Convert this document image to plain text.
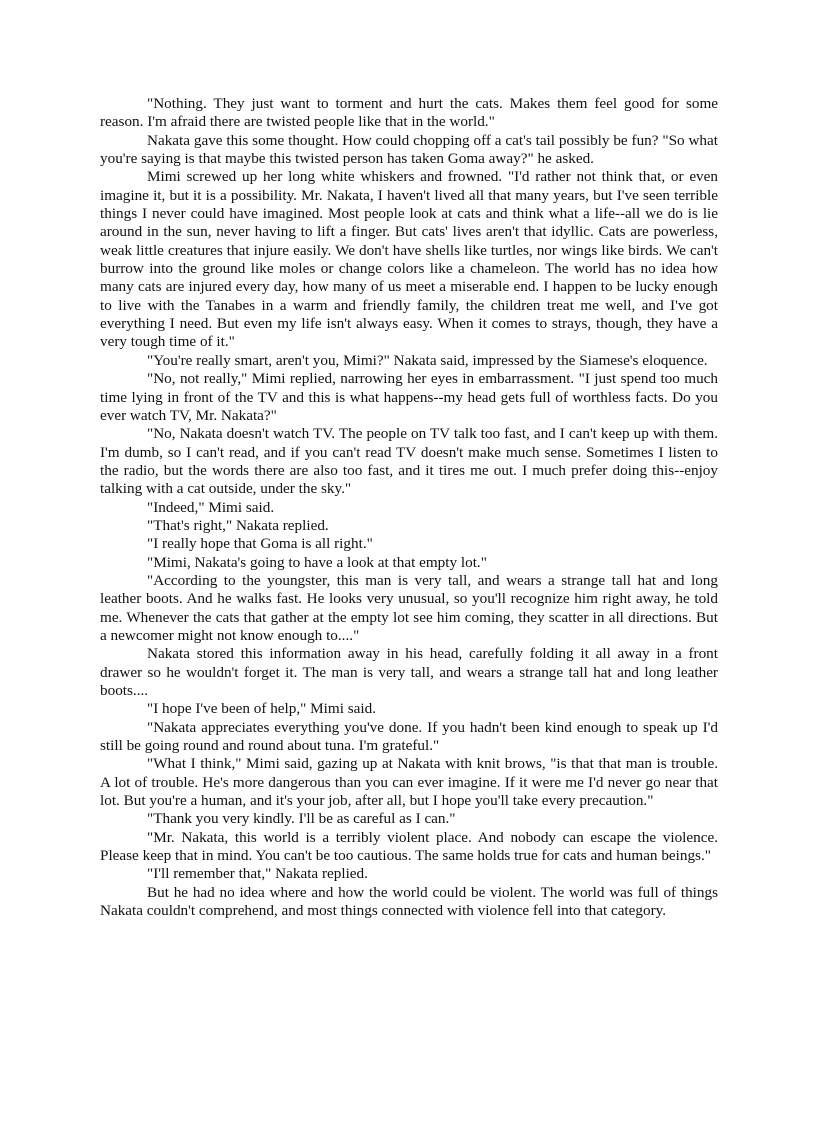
"Nothing. They just want to torment and hurt the cats. Makes them feel good for some reason. I'm afraid there are twisted people like that in the world."

Nakata gave this some thought. How could chopping off a cat's tail possibly be fun? "So what you're saying is that maybe this twisted person has taken Goma away?" he asked.

Mimi screwed up her long white whiskers and frowned. "I'd rather not think that, or even imagine it, but it is a possibility. Mr. Nakata, I haven't lived all that many years, but I've seen terrible things I never could have imagined. Most people look at cats and think what a life--all we do is lie around in the sun, never having to lift a finger. But cats' lives aren't that idyllic. Cats are powerless, weak little creatures that injure easily. We don't have shells like turtles, nor wings like birds. We can't burrow into the ground like moles or change colors like a chameleon. The world has no idea how many cats are injured every day, how many of us meet a miserable end. I happen to be lucky enough to live with the Tanabes in a warm and friendly family, the children treat me well, and I've got everything I need. But even my life isn't always easy. When it comes to strays, though, they have a very tough time of it."

"You're really smart, aren't you, Mimi?" Nakata said, impressed by the Siamese's eloquence.

"No, not really," Mimi replied, narrowing her eyes in embarrassment. "I just spend too much time lying in front of the TV and this is what happens--my head gets full of worthless facts. Do you ever watch TV, Mr. Nakata?"

"No, Nakata doesn't watch TV. The people on TV talk too fast, and I can't keep up with them. I'm dumb, so I can't read, and if you can't read TV doesn't make much sense. Sometimes I listen to the radio, but the words there are also too fast, and it tires me out. I much prefer doing this--enjoy talking with a cat outside, under the sky."

"Indeed," Mimi said.

"That's right," Nakata replied.

"I really hope that Goma is all right."

"Mimi, Nakata's going to have a look at that empty lot."

"According to the youngster, this man is very tall, and wears a strange tall hat and long leather boots. And he walks fast. He looks very unusual, so you'll recognize him right away, he told me. Whenever the cats that gather at the empty lot see him coming, they scatter in all directions. But a newcomer might not know enough to...."

Nakata stored this information away in his head, carefully folding it all away in a front drawer so he wouldn't forget it. The man is very tall, and wears a strange tall hat and long leather boots....

"I hope I've been of help," Mimi said.

"Nakata appreciates everything you've done. If you hadn't been kind enough to speak up I'd still be going round and round about tuna. I'm grateful."

"What I think," Mimi said, gazing up at Nakata with knit brows, "is that that man is trouble. A lot of trouble. He's more dangerous than you can ever imagine. If it were me I'd never go near that lot. But you're a human, and it's your job, after all, but I hope you'll take every precaution."

"Thank you very kindly. I'll be as careful as I can."

"Mr. Nakata, this world is a terribly violent place. And nobody can escape the violence. Please keep that in mind. You can't be too cautious. The same holds true for cats and human beings."

"I'll remember that," Nakata replied.

But he had no idea where and how the world could be violent. The world was full of things Nakata couldn't comprehend, and most things connected with violence fell into that category.
